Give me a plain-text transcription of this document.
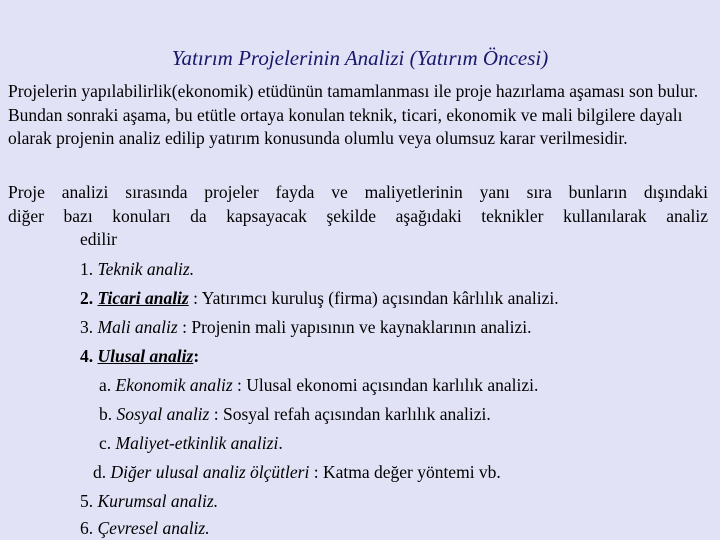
Yatırım Projelerinin Analizi (Yatırım Öncesi)
Projelerin yapılabilirlik(ekonomik) etüdünün tamamlanması ile proje hazırlama aşaması son bulur. Bundan sonraki aşama, bu etütle ortaya konulan teknik, ticari, ekonomik ve mali bilgilere dayalı olarak projenin analiz edilip yatırım konusunda olumlu veya olumsuz karar verilmesidir.
Proje analizi sırasında projeler fayda ve maliyetlerinin yanı sıra bunların dışındaki
diğer bazı konuları da kapsayacak şekilde aşağıdaki teknikler kullanılarak analiz
edilir
1. Teknik analiz.
2. Ticari analiz : Yatırımcı kuruluş (firma) açısından kârlılık analizi.
3. Mali analiz : Projenin mali yapısının ve kaynaklarının analizi.
4. Ulusal analiz:
a. Ekonomik analiz : Ulusal ekonomi açısından karlılık analizi.
b. Sosyal analiz : Sosyal refah açısından karlılık analizi.
c. Maliyet-etkinlik analizi.
d. Diğer ulusal analiz ölçütleri : Katma değer yöntemi vb.
5. Kurumsal analiz.
6. Çevresel analiz.
